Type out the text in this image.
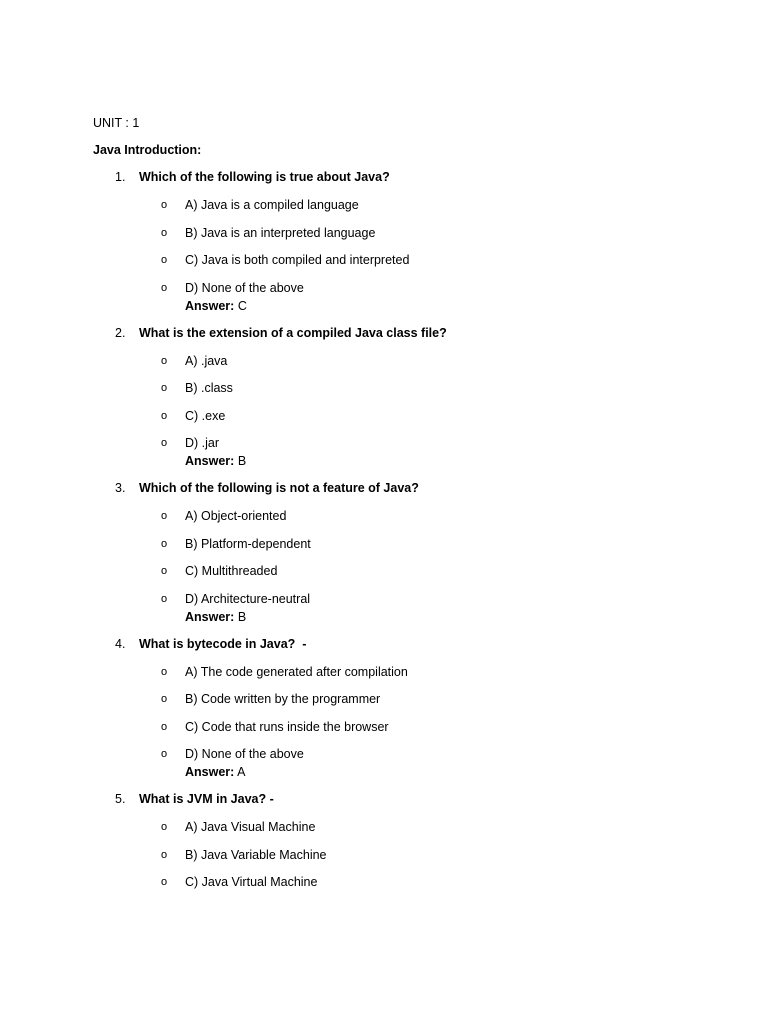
UNIT : 1
Java Introduction:
1. Which of the following is true about Java?
o A) Java is a compiled language
o B) Java is an interpreted language
o C) Java is both compiled and interpreted
o D) None of the above
Answer: C
2. What is the extension of a compiled Java class file?
o A) .java
o B) .class
o C) .exe
o D) .jar
Answer: B
3. Which of the following is not a feature of Java?
o A) Object-oriented
o B) Platform-dependent
o C) Multithreaded
o D) Architecture-neutral
Answer: B
4. What is bytecode in Java?  -
o A) The code generated after compilation
o B) Code written by the programmer
o C) Code that runs inside the browser
o D) None of the above
Answer: A
5. What is JVM in Java? -
o A) Java Visual Machine
o B) Java Variable Machine
o C) Java Virtual Machine
